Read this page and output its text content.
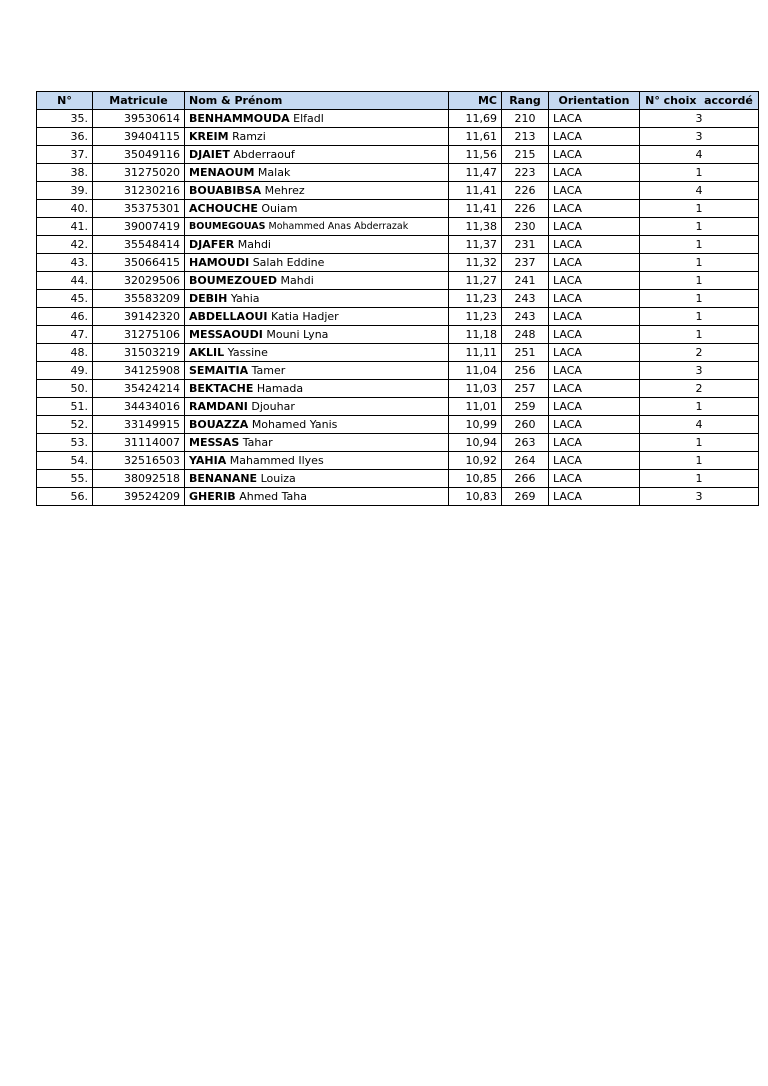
N°	Matricule	Nom & Prénom	MC	Rang	Orientation	N° choix  accordé
35.	39530614	BENHAMMOUDA Elfadl	11,69	210	LACA	3
36.	39404115	KREIM Ramzi	11,61	213	LACA	3
37.	35049116	DJAIET Abderraouf	11,56	215	LACA	4
38.	31275020	MENAOUM Malak	11,47	223	LACA	1
39.	31230216	BOUABIBSA Mehrez	11,41	226	LACA	4
40.	35375301	ACHOUCHE Ouiam	11,41	226	LACA	1
41.	39007419	BOUMEGOUAS Mohammed Anas Abderrazak	11,38	230	LACA	1
42.	35548414	DJAFER Mahdi	11,37	231	LACA	1
43.	35066415	HAMOUDI Salah Eddine	11,32	237	LACA	1
44.	32029506	BOUMEZOUED Mahdi	11,27	241	LACA	1
45.	35583209	DEBIH Yahia	11,23	243	LACA	1
46.	39142320	ABDELLAOUI Katia Hadjer	11,23	243	LACA	1
47.	31275106	MESSAOUDI Mouni Lyna	11,18	248	LACA	1
48.	31503219	AKLIL Yassine	11,11	251	LACA	2
49.	34125908	SEMAITIA Tamer	11,04	256	LACA	3
50.	35424214	BEKTACHE Hamada	11,03	257	LACA	2
51.	34434016	RAMDANI Djouhar	11,01	259	LACA	1
52.	33149915	BOUAZZA Mohamed Yanis	10,99	260	LACA	4
53.	31114007	MESSAS Tahar	10,94	263	LACA	1
54.	32516503	YAHIA Mahammed Ilyes	10,92	264	LACA	1
55.	38092518	BENANANE Louiza	10,85	266	LACA	1
56.	39524209	GHERIB Ahmed Taha	10,83	269	LACA	3
